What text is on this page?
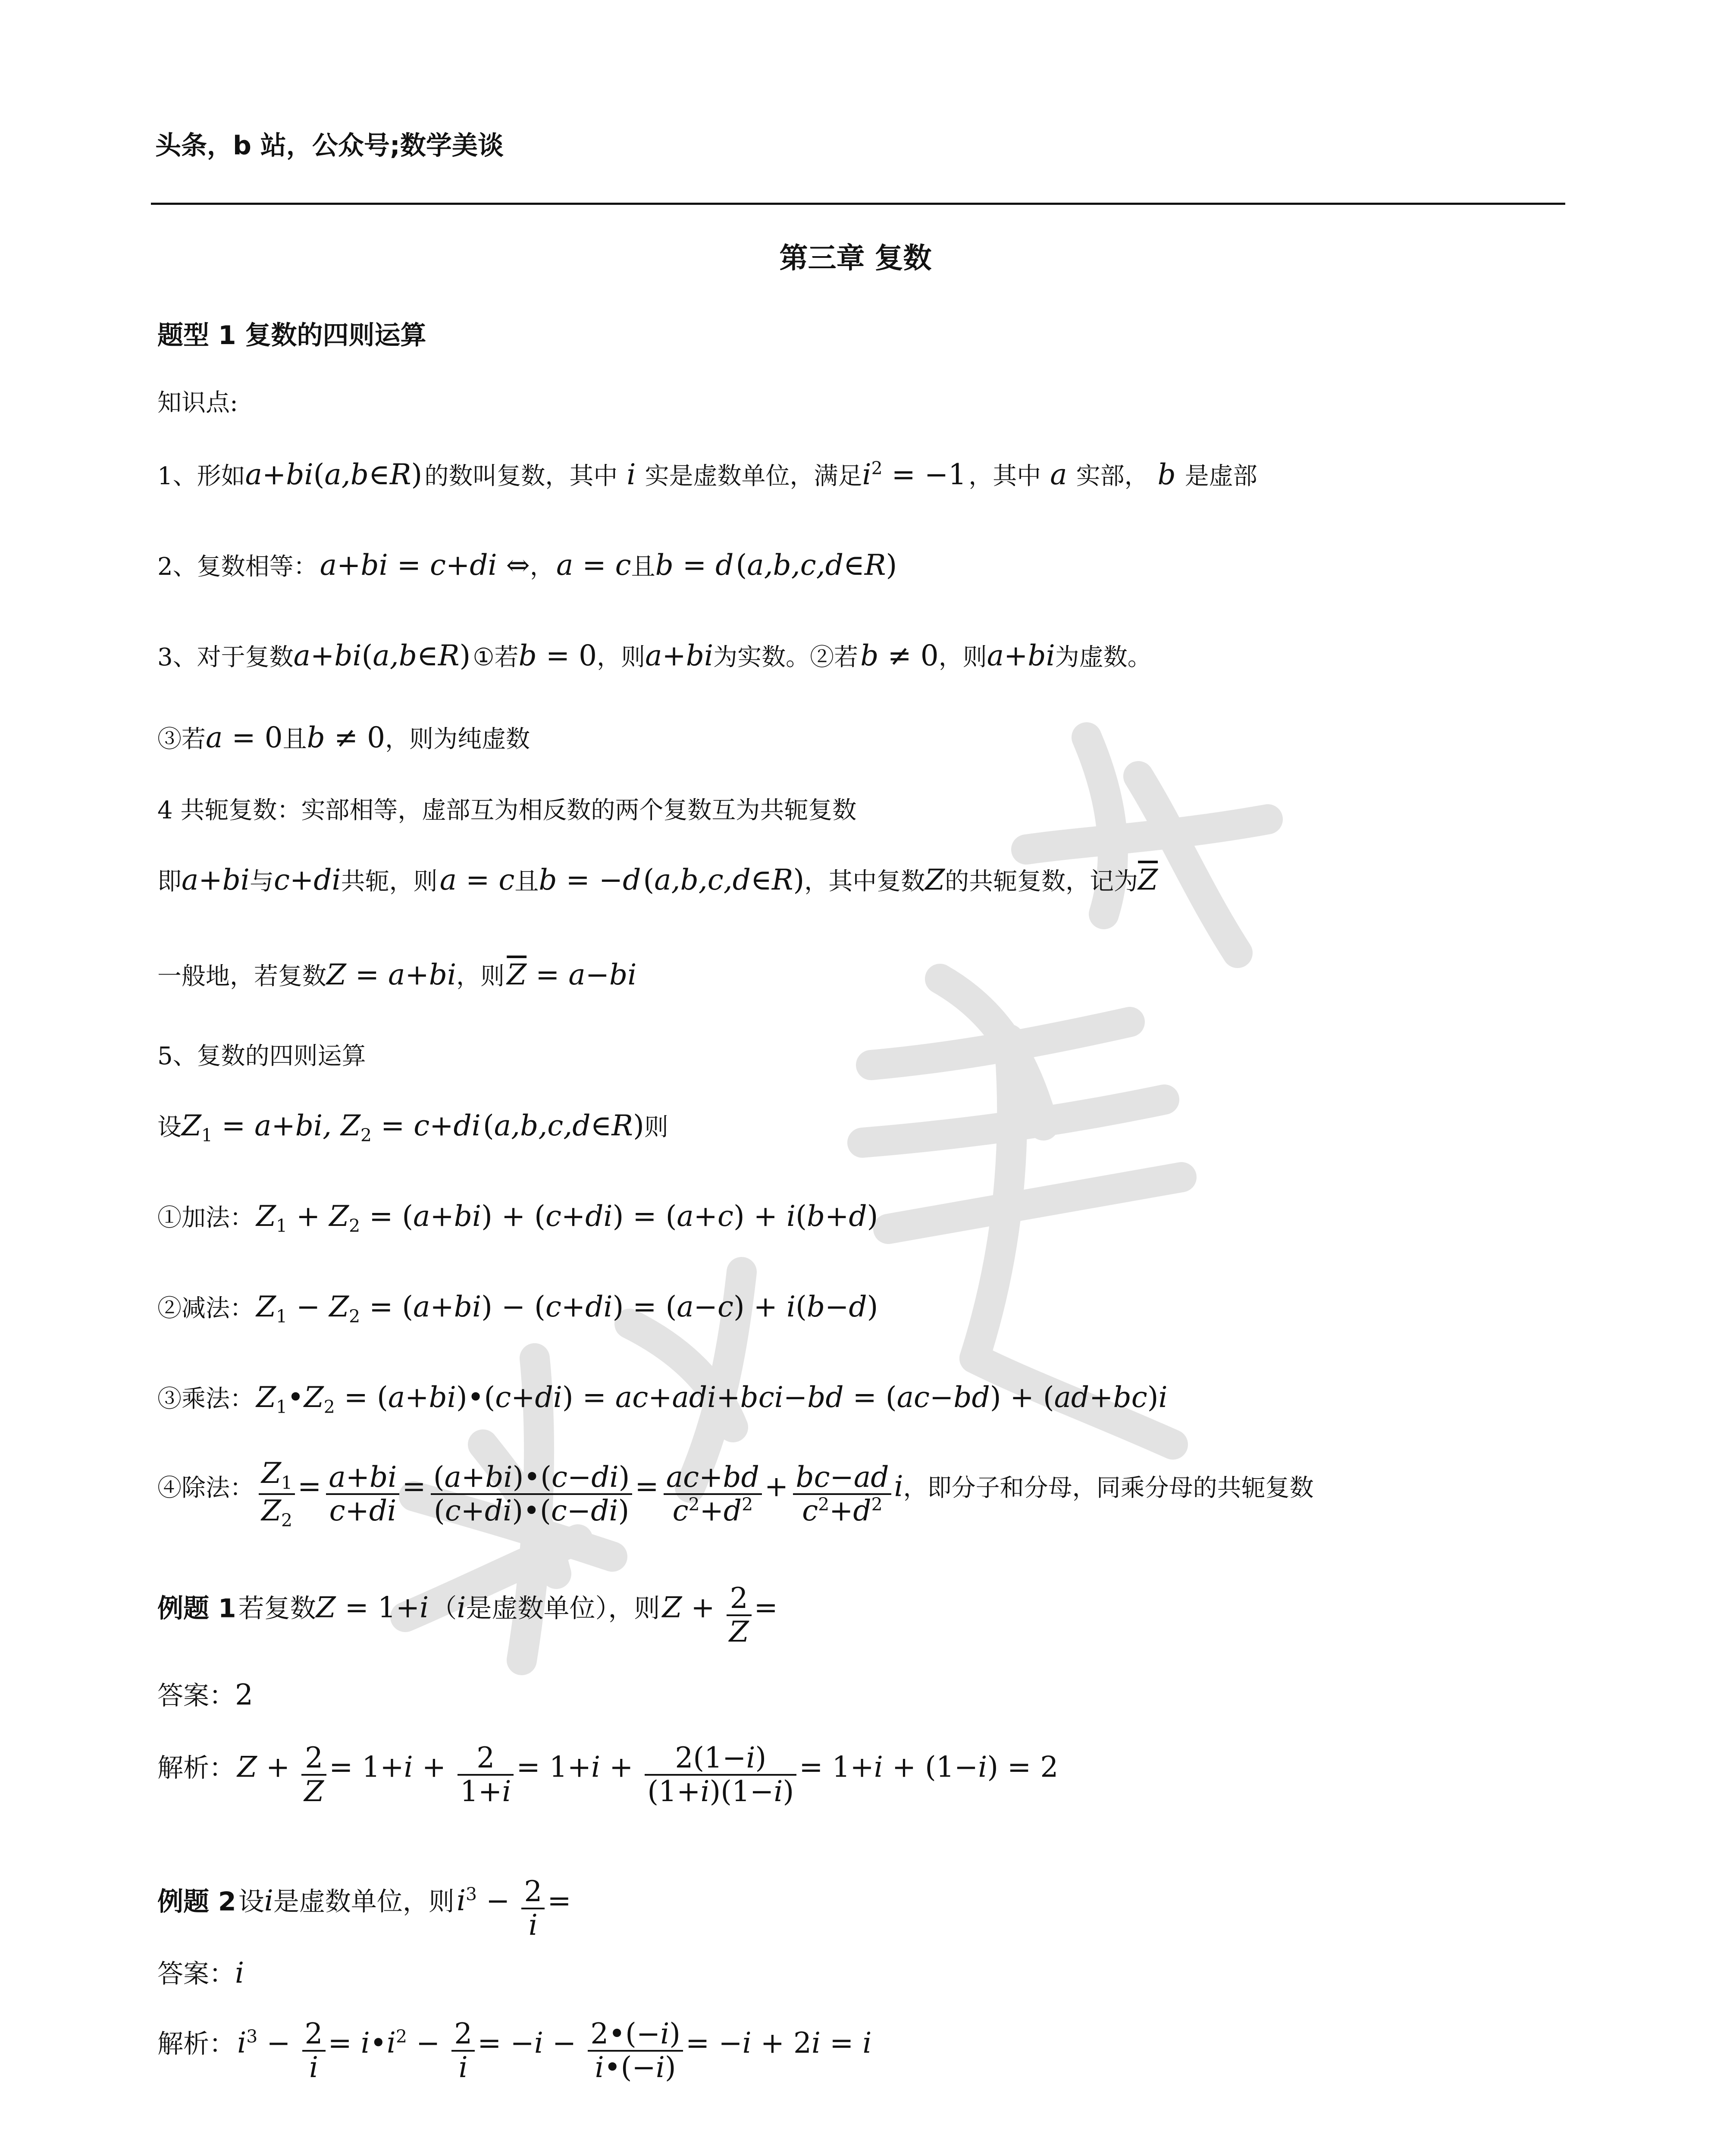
头条，b 站，公众号;数学美谈
第三章 复数
题型 1 复数的四则运算
知识点:
1、形如a+bi(a,b∈R) 的数叫复数，其中 i 实是虚数单位，满足$i^2 = -1$ ，其中 a 实部， b 是虚部
2、复数相等： a+bi = c+di ⇔， a = c且b = d (a,b,c,d∈R)
3、对于复数a+bi(a,b∈R) ①若b = 0，则a+bi为实数。②若 b ≠ 0，则a+bi为虚数。
③若a = 0且b ≠ 0，则为纯虚数
4 共轭复数：实部相等，虚部互为相反数的两个复数互为共轭复数
即a+bi与c+di共轭，则 a = c且b = −d (a,b,c,d∈R)，其中复数Z的共轭复数，记为$\overline{Z}$
一般地，若复数Z = a+bi，则 $\overline{Z} = a-bi$
5、复数的四则运算
设$Z_1 = a+bi$, $Z_2 = c+di$ (a,b,c,d∈R)则
①加法： $Z_1 + Z_2 = (a+bi) + (c+di) = (a+c) + i(b+d)$
②减法： $Z_1 - Z_2 = (a+bi) - (c+di) = (a-c) + i(b-d)$
③乘法： $Z_1•Z_2$ = (a+bi)•(c+di) = ac+adi+bci−bd = (ac−bd) + (ad+bc)i
④除法： $\frac{Z_1}{Z_2} = \frac{a+bi}{c+di} = \frac{(a+bi)•(c-di)}{(c+di)•(c-di)} = \frac{ac+bd}{c^2+d^2} + \frac{bc-ad}{c^2+d^2}$ i，即分子和分母，同乘分母的共轭复数
例题 1 若复数Z = 1+i （i是虚数单位），则 $Z + \frac{2}{Z}$ =
答案：2
解析： $Z + \frac{2}{Z} = 1+i + \frac{2}{1+i} = 1+i + \frac{2(1-i)}{(1+i)(1-i)} = 1+i + (1-i) = 2$
例题 2 设i是虚数单位，则 $i^3 - \frac{2}{i}$ =
答案：i
解析： $i^3 - \frac{2}{i}$ = $i•i^2 - \frac{2}{i} = -i - \frac{2•(-i)}{i•(-i)} = -i + 2i = i$
